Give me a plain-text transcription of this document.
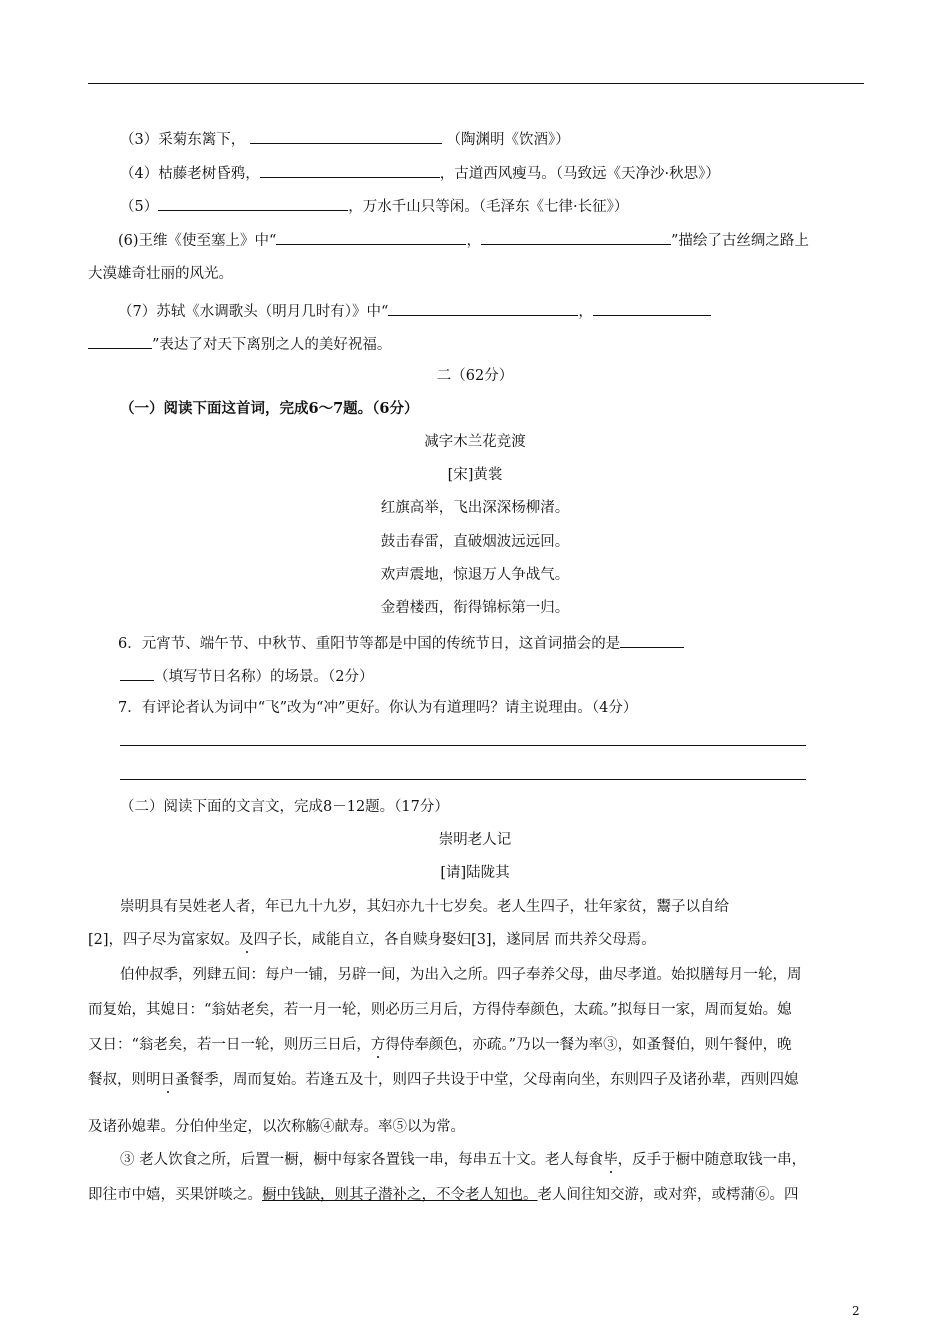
（3）采菊东篱下，	（陶渊明《饮酒》）
（4）枯藤老树昏鸦，	，古道西风瘦马。（马致远《天净沙·秋思》）
（5）	，万水千山只等闲。（毛泽东《七律·长征》）
(6)王维《使至塞上》中“	，	”描绘了古丝绸之路上
大漠雄奇壮丽的风光。
（7）苏轼《水调歌头（明月几时有）》中“	，
”表达了对天下离别之人的美好祝福。
二（62分）
（一）阅读下面这首词，完成6～7题。（6分）
减字木兰花竞渡
[宋]黄裳
红旗高举，飞出深深杨柳渚。
鼓击春雷，直破烟波远远回。
欢声震地，惊退万人争战气。
金碧楼西，衔得锦标第一归。
6．元宵节、端午节、中秋节、重阳节等都是中国的传统节日，这首词描会的是
（填写节日名称）的场景。（2分）
7．有评论者认为词中“飞”改为“冲”更好。你认为有道理吗？请主说理由。（4分）
（二）阅读下面的文言文，完成8－12题。（17分）
崇明老人记
[请]陆陇其
崇明具有吴姓老人者，年已九十九岁，其妇亦九十七岁矣。老人生四子，壮年家贫，鬻子以自给
[2]，四子尽为富家奴。及四子长，咸能自立，各自赎身娶妇[3]，遂同居 而共养父母焉。
伯仲叔季，列肆五间：每户一铺，另辟一间，为出入之所。四子奉养父母，曲尽孝道。始拟膳每月一轮，周
而复始，其媳日：“翁姑老矣，若一月一轮，则必历三月后，方得侍奉颜色，太疏。”拟每日一家，周而复始。媳
又日：“翁老矣，若一日一轮，则历三日后，方得侍奉颜色，亦疏。”乃以一餐为率③，如蚤餐伯，则午餐仲，晚
餐叔，则明日蚤餐季，周而复始。若逢五及十，则四子共设于中堂，父母南向坐，东则四子及诸孙辈，西则四媳
及诸孙媳辈。分伯仲坐定，以次称觞④献寿。率⑤以为常。
③ 老人饮食之所，后置一橱，橱中每家各置钱一串，每串五十文。老人每食毕，反手于橱中随意取钱一串，
即往市中嬉，买果饼啖之。橱中钱缺，则其子潜补之，不令老人知也。老人间往知交游，或对弈，或樗蒲⑥。四
2
